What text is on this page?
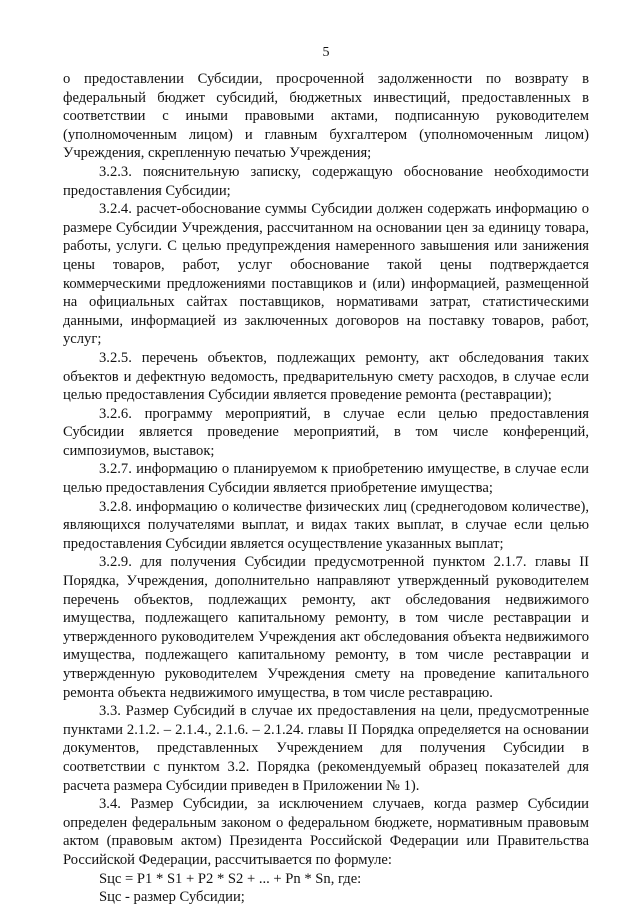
5

о предоставлении Субсидии, просроченной задолженности по возврату в федеральный бюджет субсидий, бюджетных инвестиций, предоставленных в соответствии с иными правовыми актами, подписанную руководителем (уполномоченным лицом) и главным бухгалтером (уполномоченным лицом) Учреждения, скрепленную печатью Учреждения;

3.2.3. пояснительную записку, содержащую обоснование необходимости предоставления Субсидии;

3.2.4. расчет-обоснование суммы Субсидии должен содержать информацию о размере Субсидии Учреждения, рассчитанном на основании цен за единицу товара, работы, услуги. С целью предупреждения намеренного завышения или занижения цены товаров, работ, услуг обоснование такой цены подтверждается коммерческими предложениями поставщиков и (или) информацией, размещенной на официальных сайтах поставщиков, нормативами затрат, статистическими данными, информацией из заключенных договоров на поставку товаров, работ, услуг;

3.2.5. перечень объектов, подлежащих ремонту, акт обследования таких объектов и дефектную ведомость, предварительную смету расходов, в случае если целью предоставления Субсидии является проведение ремонта (реставрации);

3.2.6. программу мероприятий, в случае если целью предоставления Субсидии является проведение мероприятий, в том числе конференций, симпозиумов, выставок;

3.2.7. информацию о планируемом к приобретению имуществе, в случае если целью предоставления Субсидии является приобретение имущества;

3.2.8. информацию о количестве физических лиц (среднегодовом количестве), являющихся получателями выплат, и видах таких выплат, в случае если целью предоставления Субсидии является осуществление указанных выплат;

3.2.9. для получения Субсидии предусмотренной пунктом 2.1.7. главы II Порядка, Учреждения, дополнительно направляют утвержденный руководителем перечень объектов, подлежащих ремонту, акт обследования недвижимого имущества, подлежащего капитальному ремонту, в том числе реставрации и утвержденного руководителем Учреждения акт обследования объекта недвижимого имущества, подлежащего капитальному ремонту, в том числе реставрации и утвержденную руководителем Учреждения смету на проведение капитального ремонта объекта недвижимого имущества, в том числе реставрацию.

3.3. Размер Субсидий в случае их предоставления на цели, предусмотренные пунктами 2.1.2. – 2.1.4., 2.1.6. – 2.1.24. главы II Порядка определяется на основании документов, представленных Учреждением для получения Субсидии в соответствии с пунктом 3.2. Порядка (рекомендуемый образец показателей для расчета размера Субсидии приведен в Приложении № 1).

3.4. Размер Субсидии, за исключением случаев, когда размер Субсидии определен федеральным законом о федеральном бюджете, нормативным правовым актом (правовым актом) Президента Российской Федерации или Правительства Российской Федерации, рассчитывается по формуле:

Sцс = P1 * S1 + P2 * S2 + ... + Pn * Sn, где:

Sцс - размер Субсидии;
